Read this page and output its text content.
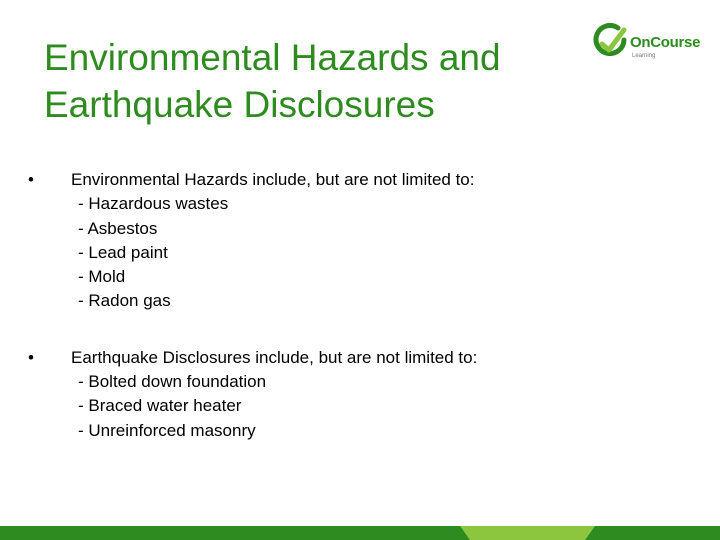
Environmental Hazards and
Earthquake Disclosures
OnCourse
Learning
• Environmental Hazards include, but are not limited to:
- Hazardous wastes
- Asbestos
- Lead paint
- Mold
- Radon gas
• Earthquake Disclosures include, but are not limited to:
- Bolted down foundation
- Braced water heater
- Unreinforced masonry
